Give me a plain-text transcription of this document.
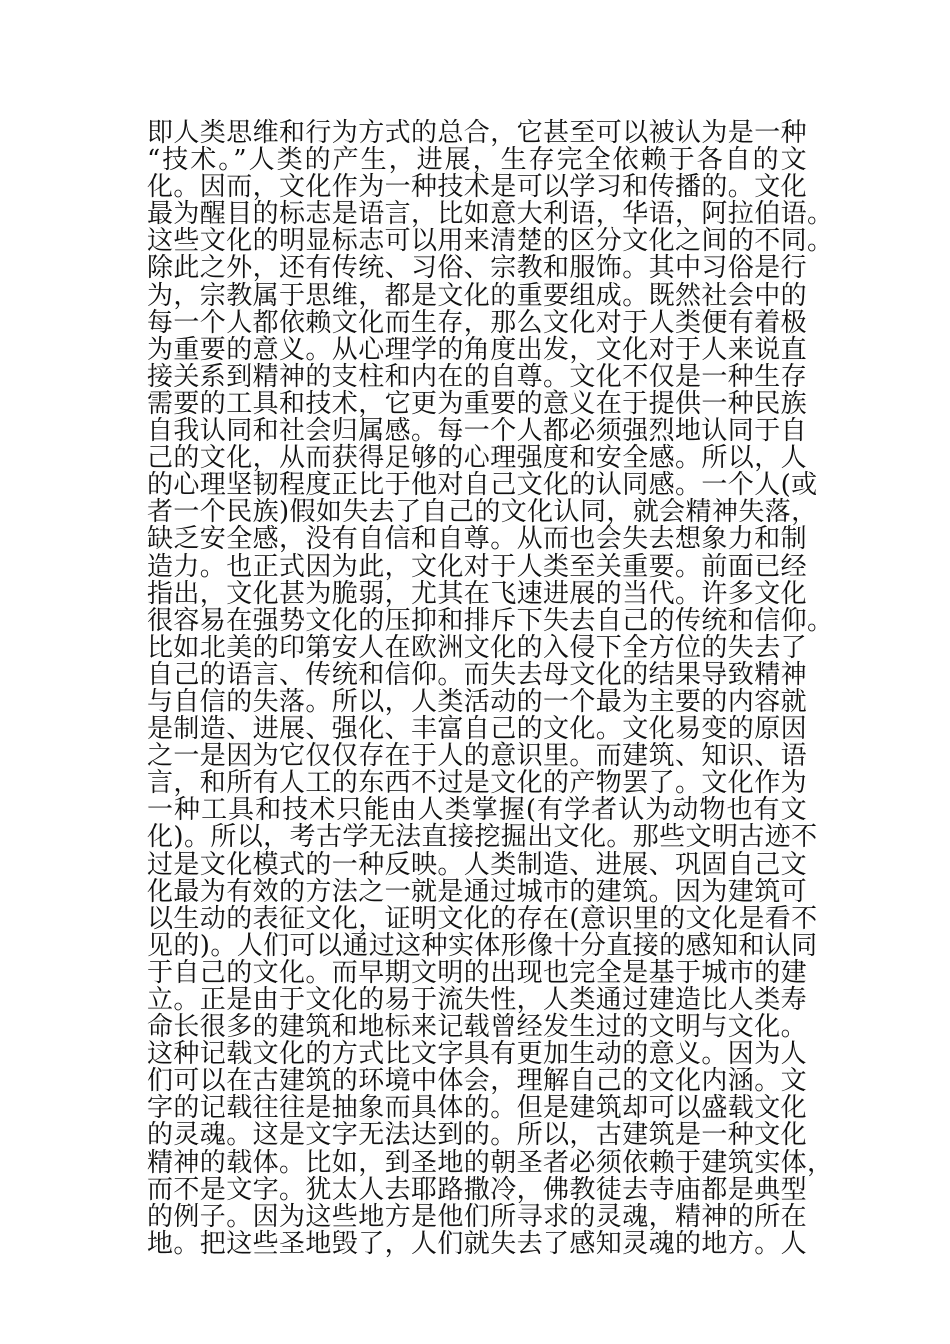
即人类思维和行为方式的总合，它甚至可以被认为是一种
“技术。”人类的产生，进展，生存完全依赖于各自的文
化。因而，文化作为一种技术是可以学习和传播的。文化
最为醒目的标志是语言，比如意大利语，华语，阿拉伯语。
这些文化的明显标志可以用来清楚的区分文化之间的不同。
除此之外，还有传统、习俗、宗教和服饰。其中习俗是行
为，宗教属于思维，都是文化的重要组成。既然社会中的
每一个人都依赖文化而生存，那么文化对于人类便有着极
为重要的意义。从心理学的角度出发，文化对于人来说直
接关系到精神的支柱和内在的自尊。文化不仅是一种生存
需要的工具和技术，它更为重要的意义在于提供一种民族
自我认同和社会归属感。每一个人都必须强烈地认同于自
己的文化，从而获得足够的心理强度和安全感。所以，人
的心理坚韧程度正比于他对自己文化的认同感。一个人(或
者一个民族)假如失去了自己的文化认同，就会精神失落，
缺乏安全感，没有自信和自尊。从而也会失去想象力和制
造力。也正式因为此，文化对于人类至关重要。前面已经
指出，文化甚为脆弱，尤其在飞速进展的当代。许多文化
很容易在强势文化的压抑和排斥下失去自己的传统和信仰。
比如北美的印第安人在欧洲文化的入侵下全方位的失去了
自己的语言、传统和信仰。而失去母文化的结果导致精神
与自信的失落。所以，人类活动的一个最为主要的内容就
是制造、进展、强化、丰富自己的文化。文化易变的原因
之一是因为它仅仅存在于人的意识里。而建筑、知识、语
言，和所有人工的东西不过是文化的产物罢了。文化作为
一种工具和技术只能由人类掌握(有学者认为动物也有文
化)。所以，考古学无法直接挖掘出文化。那些文明古迹不
过是文化模式的一种反映。人类制造、进展、巩固自己文
化最为有效的方法之一就是通过城市的建筑。因为建筑可
以生动的表征文化，证明文化的存在(意识里的文化是看不
见的)。人们可以通过这种实体形像十分直接的感知和认同
于自己的文化。而早期文明的出现也完全是基于城市的建
立。正是由于文化的易于流失性，人类通过建造比人类寿
命长很多的建筑和地标来记载曾经发生过的文明与文化。
这种记载文化的方式比文字具有更加生动的意义。因为人
们可以在古建筑的环境中体会，理解自己的文化内涵。文
字的记载往往是抽象而具体的。但是建筑却可以盛载文化
的灵魂。这是文字无法达到的。所以，古建筑是一种文化
精神的载体。比如，到圣地的朝圣者必须依赖于建筑实体，
而不是文字。犹太人去耶路撒冷，佛教徒去寺庙都是典型
的例子。因为这些地方是他们所寻求的灵魂，精神的所在
地。把这些圣地毁了，人们就失去了感知灵魂的地方。人
